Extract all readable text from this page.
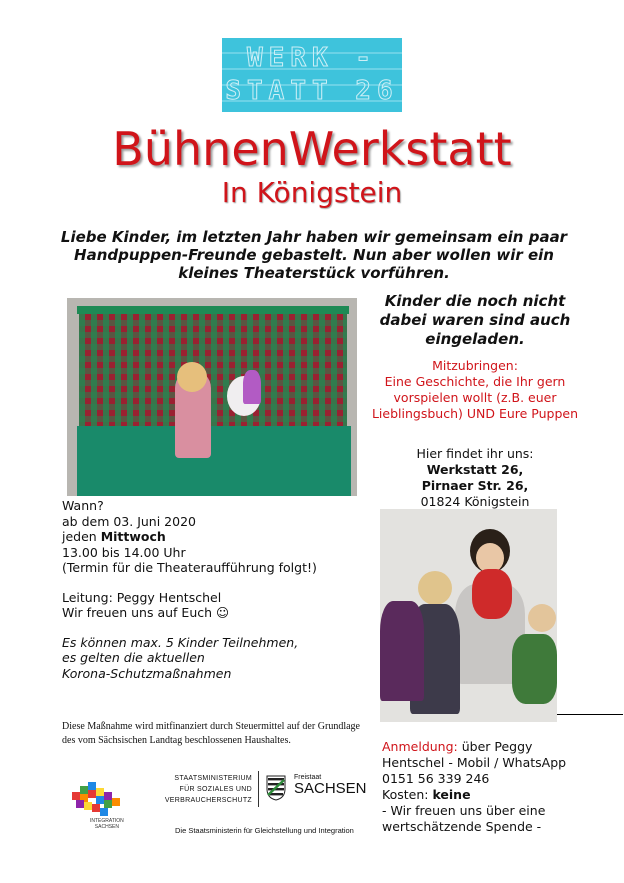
WERK -
STATT 26
BühnenWerkstatt
In Königstein
Liebe Kinder, im letzten Jahr haben wir gemeinsam ein paar Handpuppen-Freunde gebastelt. Nun aber wollen wir ein kleines Theaterstück vorführen.
Kinder die noch nicht dabei waren sind auch eingeladen.
Mitzubringen:
Eine Geschichte, die Ihr gern vorspielen wollt (z.B. euer Lieblingsbuch) UND Eure Puppen
Hier findet ihr uns:
Werkstatt 26,
Pirnaer Str. 26,
01824 Königstein
Wann?
ab dem 03. Juni 2020
jeden Mittwoch
13.00 bis 14.00 Uhr
(Termin für die Theateraufführung folgt!)
Leitung: Peggy Hentschel
Wir freuen uns auf Euch ☺
Es können max. 5 Kinder Teilnehmen,
es gelten die aktuellen
Korona-Schutzmaßnahmen
Diese Maßnahme wird mitfinanziert durch Steuermittel auf der Grundlage des vom Sächsischen Landtag beschlossenen Haushaltes.	Anmeldung: über Peggy Hentschel - Mobil / WhatsApp 0151 56 339 246
Kosten: keine
- Wir freuen uns über eine wertschätzende Spende -
INTEGRATION
SACHSEN
STAATSMINISTERIUM
FÜR SOZIALES UND
VERBRAUCHERSCHUTZ
Freistaat
SACHSEN
Die Staatsministerin für Gleichstellung und Integration
